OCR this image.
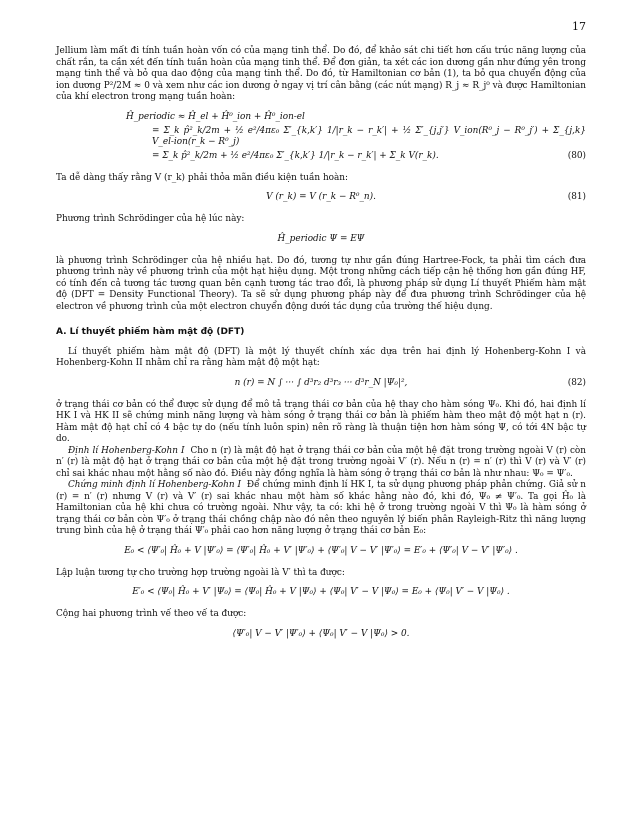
17

Jellium làm mất đi tính tuần hoàn vốn có của mạng tinh thể. Do đó, để khảo sát chi tiết hơn cấu trúc năng lượng của chất rắn, ta cần xét đến tính tuần hoàn của mạng tinh thể. Để đơn giản, ta xét các ion dương gần như đứng yên trong mạng tinh thể và bỏ qua dao động của mạng tinh thể. Do đó, từ Hamiltonian cơ bản (1), ta bỏ qua chuyển động của ion dương P²/2M ≈ 0 và xem như các ion dương ở ngay vị trí cân bằng (các nút mạng) R_j ≈ R_j⁰ và được Hamiltonian của khí electron trong mạng tuần hoàn:

Ĥ_periodic ≈ Ĥ_el + Ĥ⁰_ion + Ĥ⁰_ion-el
= Σ_k p̂²_k/2m + ½ e²/4πε₀ Σ′_{k,k′} 1/|r_k − r_k′| + ½ Σ′_{j,j′} V_ion(R⁰_j − R⁰_j′) + Σ_{j,k} V_el-ion(r_k − R⁰_j)
= Σ_k p̂²_k/2m + ½ e²/4πε₀ Σ′_{k,k′} 1/|r_k − r_k′| + Σ_k V(r_k).	(80)

Ta dễ dàng thấy rằng V (r_k) phải thỏa mãn điều kiện tuần hoàn:

V (r_k) = V (r_k − R⁰_n).	(81)

Phương trình Schrödinger của hệ lúc này:

Ĥ_periodic Ψ = EΨ

là phương trình Schrödinger của hệ nhiều hạt. Do đó, tương tự như gần đúng Hartree-Fock, ta phải tìm cách đưa phương trình này về phương trình của một hạt hiệu dụng. Một trong những cách tiếp cận hệ thống hơn gần đúng HF, có tính đến cả tương tác tương quan bên cạnh tương tác trao đổi, là phương pháp sử dụng Lí thuyết Phiếm hàm mật độ (DFT = Density Functional Theory). Ta sẽ sử dụng phương pháp này để đưa phương trình Schrödinger của hệ electron về phương trình của một electron chuyển động dưới tác dụng của trường thế hiệu dụng.

A. Lí thuyết phiếm hàm mật độ (DFT)

Lí thuyết phiếm hàm mật độ (DFT) là một lý thuyết chính xác dựa trên hai định lý Hohenberg-Kohn I và Hohenberg-Kohn II nhằm chỉ ra rằng hàm mật độ một hạt:

n (r) = N ∫ ··· ∫ d³r₂ d³r₃ ··· d³r_N |Ψ₀|²,	(82)

ở trạng thái cơ bản có thể được sử dụng để mô tả trạng thái cơ bản của hệ thay cho hàm sóng Ψ₀. Khi đó, hai định lí HK I và HK II sẽ chứng minh năng lượng và hàm sóng ở trạng thái cơ bản là phiếm hàm theo mật độ một hạt n (r). Hàm mật độ hạt chỉ có 4 bậc tự do (nếu tính luôn spin) nên rõ ràng là thuận tiện hơn hàm sóng Ψ, có tới 4N bậc tự do.

Định lí Hohenberg-Kohn I Cho n (r) là mật độ hạt ở trạng thái cơ bản của một hệ đặt trong trường ngoài V (r) còn n′ (r) là mật độ hạt ở trạng thái cơ bản của một hệ đặt trong trường ngoài V′ (r). Nếu n (r) = n′ (r) thì V (r) và V′ (r) chỉ sai khác nhau một hằng số nào đó. Điều này đồng nghĩa là hàm sóng ở trạng thái cơ bản là như nhau: Ψ₀ = Ψ′₀.

Chứng minh định lí Hohenberg-Kohn I Để chứng minh định lí HK I, ta sử dụng phương pháp phản chứng. Giả sử n (r) = n′ (r) nhưng V (r) và V′ (r) sai khác nhau một hàm số khác hằng nào đó, khi đó, Ψ₀ ≠ Ψ′₀. Ta gọi Ĥ₀ là Hamiltonian của hệ khi chưa có trường ngoài. Như vậy, ta có: khi hệ ở trong trường ngoài V thì Ψ₀ là hàm sóng ở trạng thái cơ bản còn Ψ′₀ ở trạng thái chồng chập nào đó nên theo nguyên lý biến phân Rayleigh-Ritz thì năng lượng trung bình của hệ ở trạng thái Ψ′₀ phải cao hơn năng lượng ở trạng thái cơ bản E₀:

E₀ < ⟨Ψ′₀| Ĥ₀ + V |Ψ′₀⟩ = ⟨Ψ′₀| Ĥ₀ + V′ |Ψ′₀⟩ + ⟨Ψ′₀| V − V′ |Ψ′₀⟩ = E′₀ + ⟨Ψ′₀| V − V′ |Ψ′₀⟩ .

Lập luận tương tự cho trường hợp trường ngoài là V′ thì ta được:

E′₀ < ⟨Ψ₀| Ĥ₀ + V′ |Ψ₀⟩ = ⟨Ψ₀| Ĥ₀ + V |Ψ₀⟩ + ⟨Ψ₀| V′ − V |Ψ₀⟩ = E₀ + ⟨Ψ₀| V′ − V |Ψ₀⟩ .

Cộng hai phương trình vế theo vế ta được:

⟨Ψ′₀| V − V′ |Ψ′₀⟩ + ⟨Ψ₀| V′ − V |Ψ₀⟩ > 0.
